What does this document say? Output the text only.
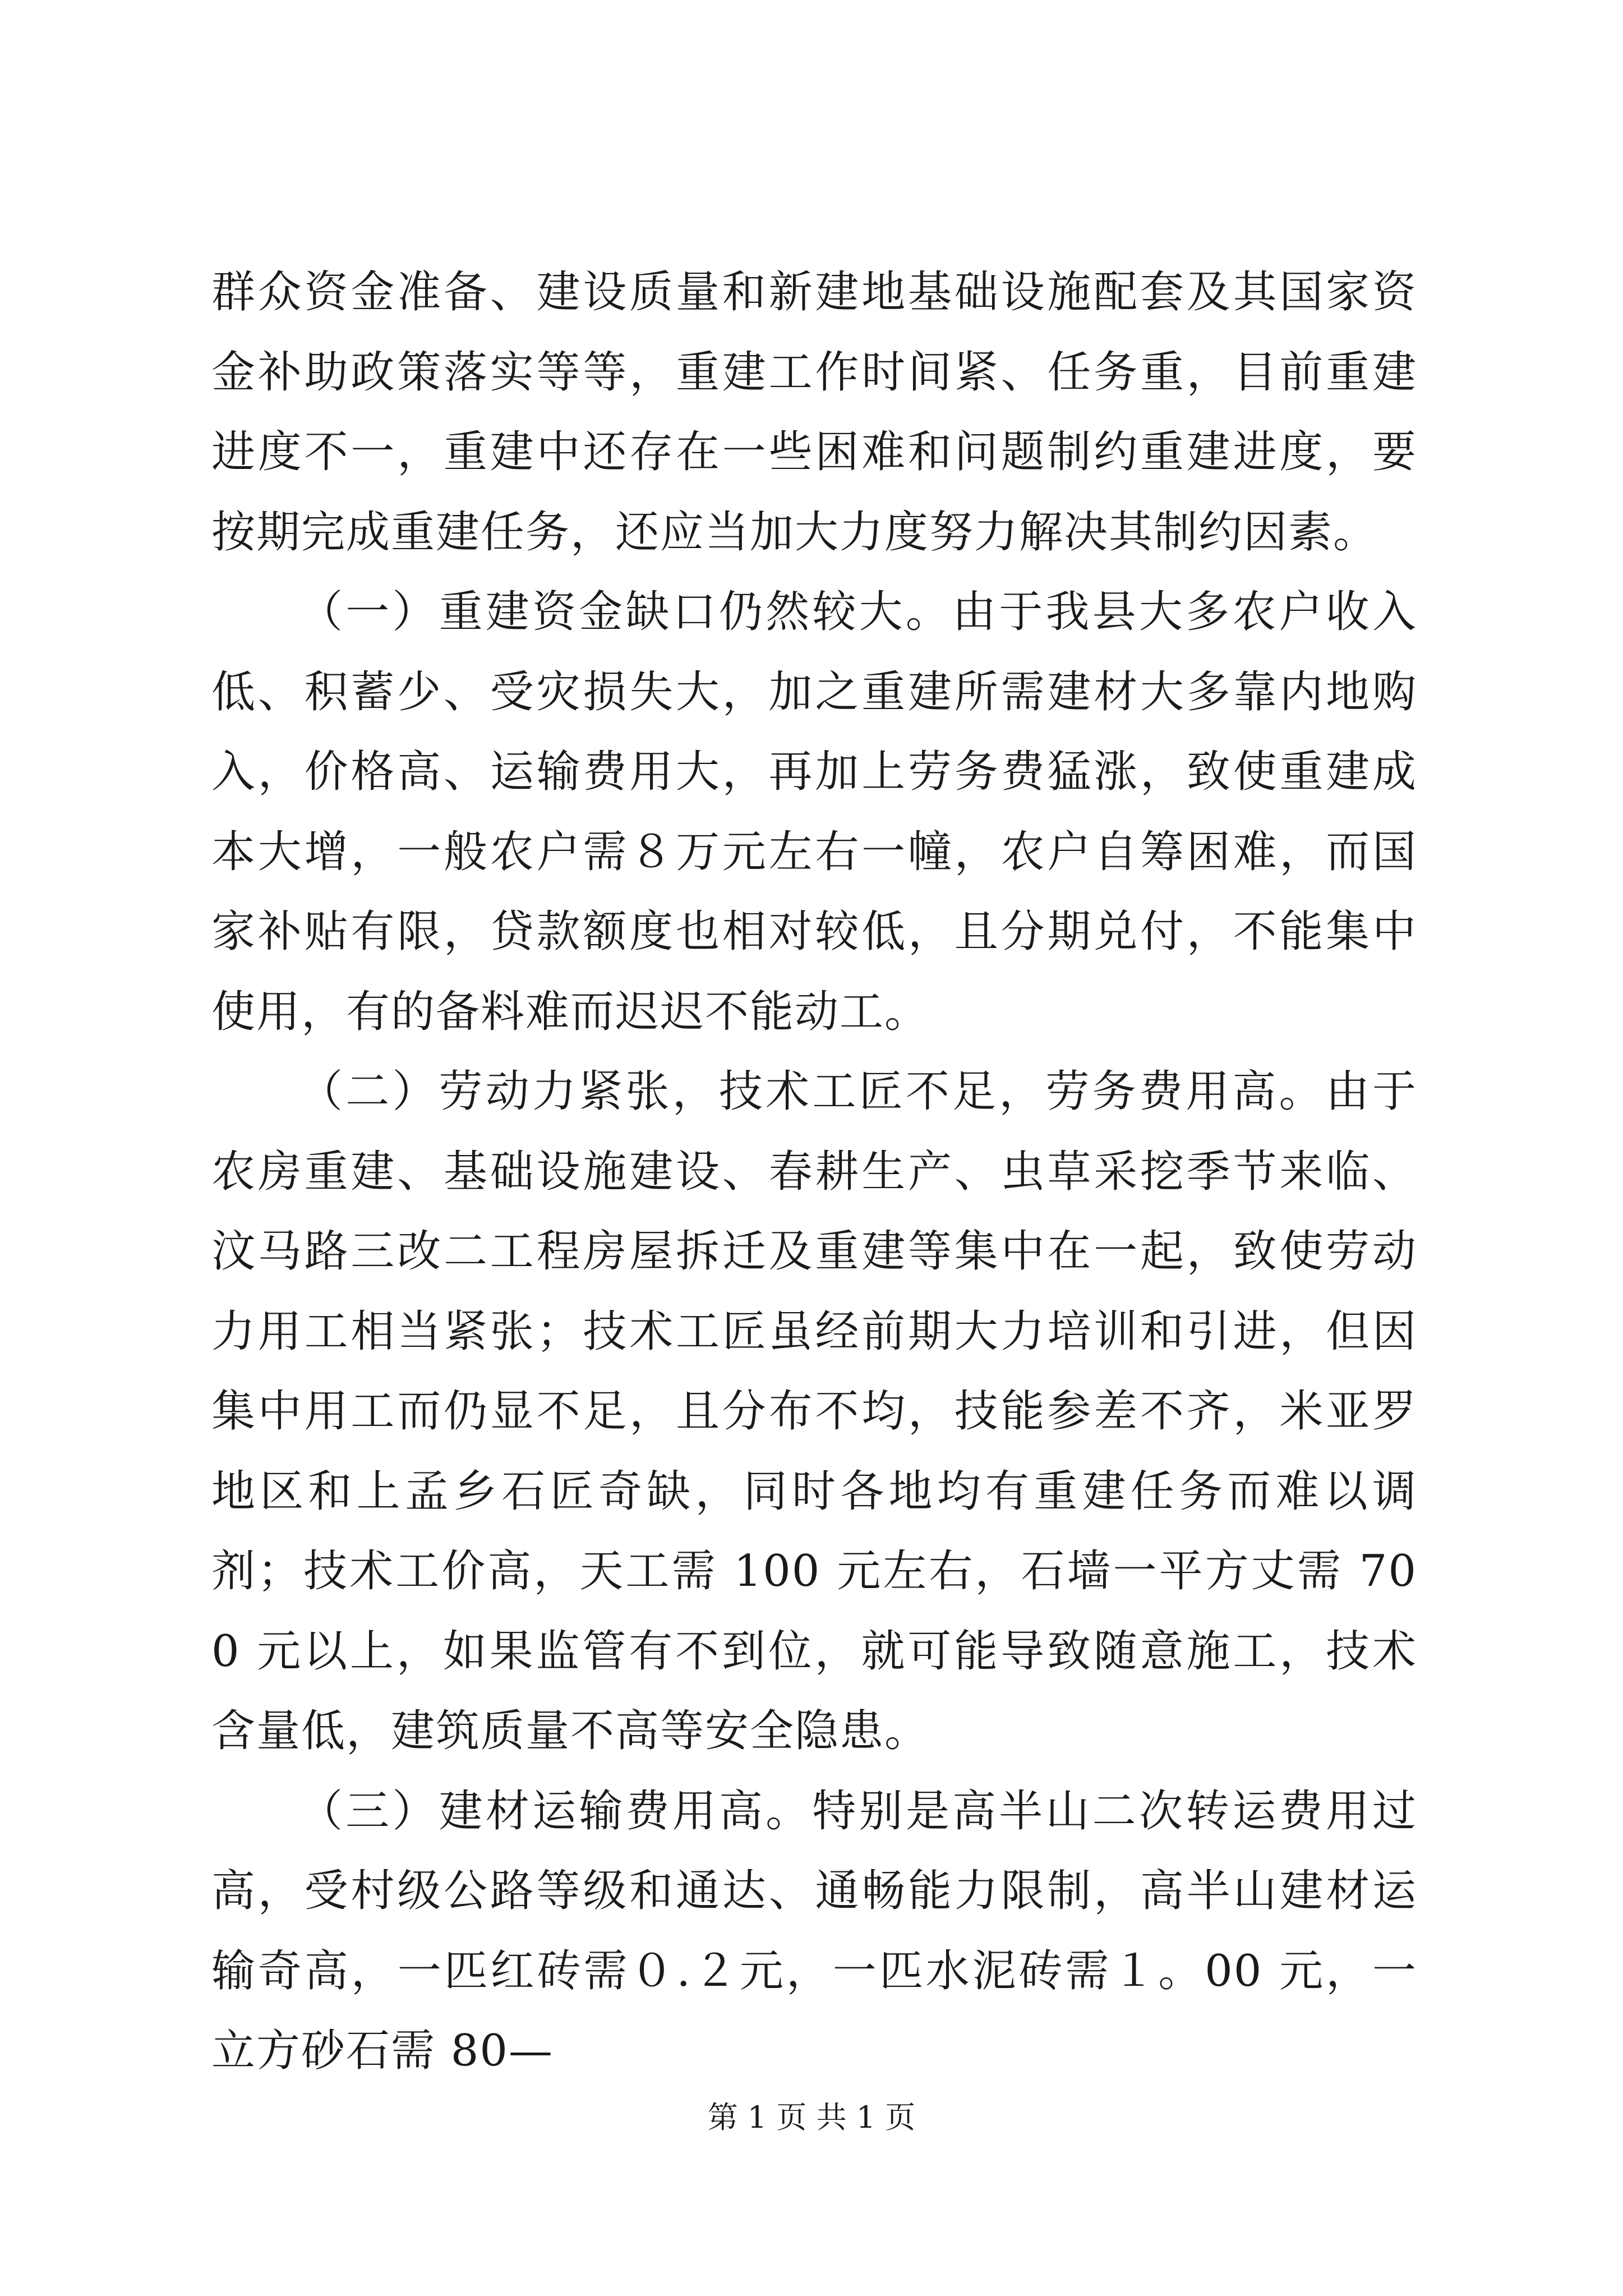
群众资金准备、建设质量和新建地基础设施配套及其国家资金补助政策落实等等，重建工作时间紧、任务重，目前重建进度不一，重建中还存在一些困难和问题制约重建进度，要按期完成重建任务，还应当加大力度努力解决其制约因素。

（一）重建资金缺口仍然较大。由于我县大多农户收入低、积蓄少、受灾损失大，加之重建所需建材大多靠内地购入，价格高、运输费用大，再加上劳务费猛涨，致使重建成本大增，一般农户需８万元左右一幢，农户自筹困难，而国家补贴有限，贷款额度也相对较低，且分期兑付，不能集中使用，有的备料难而迟迟不能动工。

（二）劳动力紧张，技术工匠不足，劳务费用高。由于农房重建、基础设施建设、春耕生产、虫草采挖季节来临、汶马路三改二工程房屋拆迁及重建等集中在一起，致使劳动力用工相当紧张；技术工匠虽经前期大力培训和引进，但因集中用工而仍显不足，且分布不均，技能参差不齐，米亚罗地区和上孟乡石匠奇缺，同时各地均有重建任务而难以调剂；技术工价高，天工需 100 元左右，石墙一平方丈需 700 元以上，如果监管有不到位，就可能导致随意施工，技术含量低，建筑质量不高等安全隐患。

（三）建材运输费用高。特别是高半山二次转运费用过高，受村级公路等级和通达、通畅能力限制，高半山建材运输奇高，一匹红砖需０.２元，一匹水泥砖需１。00 元，一立方砂石需 80—

第 1 页 共 1 页
